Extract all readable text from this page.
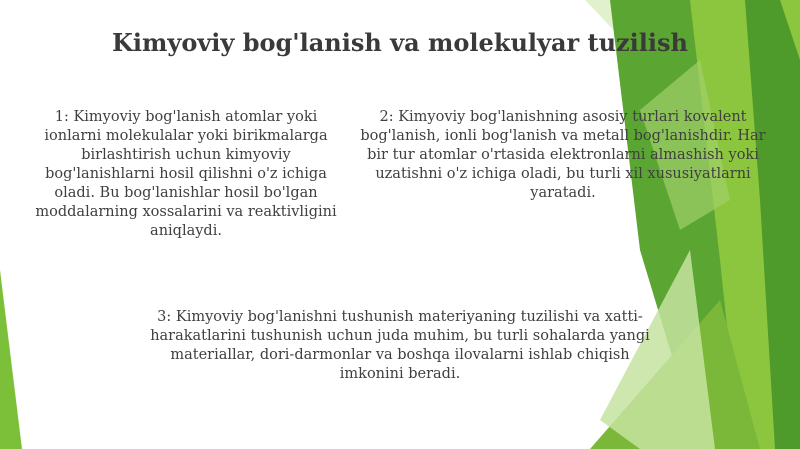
Kimyoviy bog'lanish va molekulyar tuzilish

1: Kimyoviy bog'lanish atomlar yoki ionlarni molekulalar yoki birikmalarga birlashtirish uchun kimyoviy bog'lanishlarni hosil qilishni o'z ichiga oladi. Bu bog'lanishlar hosil bo'lgan moddalarning xossalarini va reaktivligini aniqlaydi.

2: Kimyoviy bog'lanishning asosiy turlari kovalent bog'lanish, ionli bog'lanish va metall bog'lanishdir. Har bir tur atomlar o'rtasida elektronlarni almashish yoki uzatishni o'z ichiga oladi, bu turli xil xususiyatlarni yaratadi.

3: Kimyoviy bog'lanishni tushunish materiyaning tuzilishi va xatti-harakatlarini tushunish uchun juda muhim, bu turli sohalarda yangi materiallar, dori-darmonlar va boshqa ilovalarni ishlab chiqish imkonini beradi.
